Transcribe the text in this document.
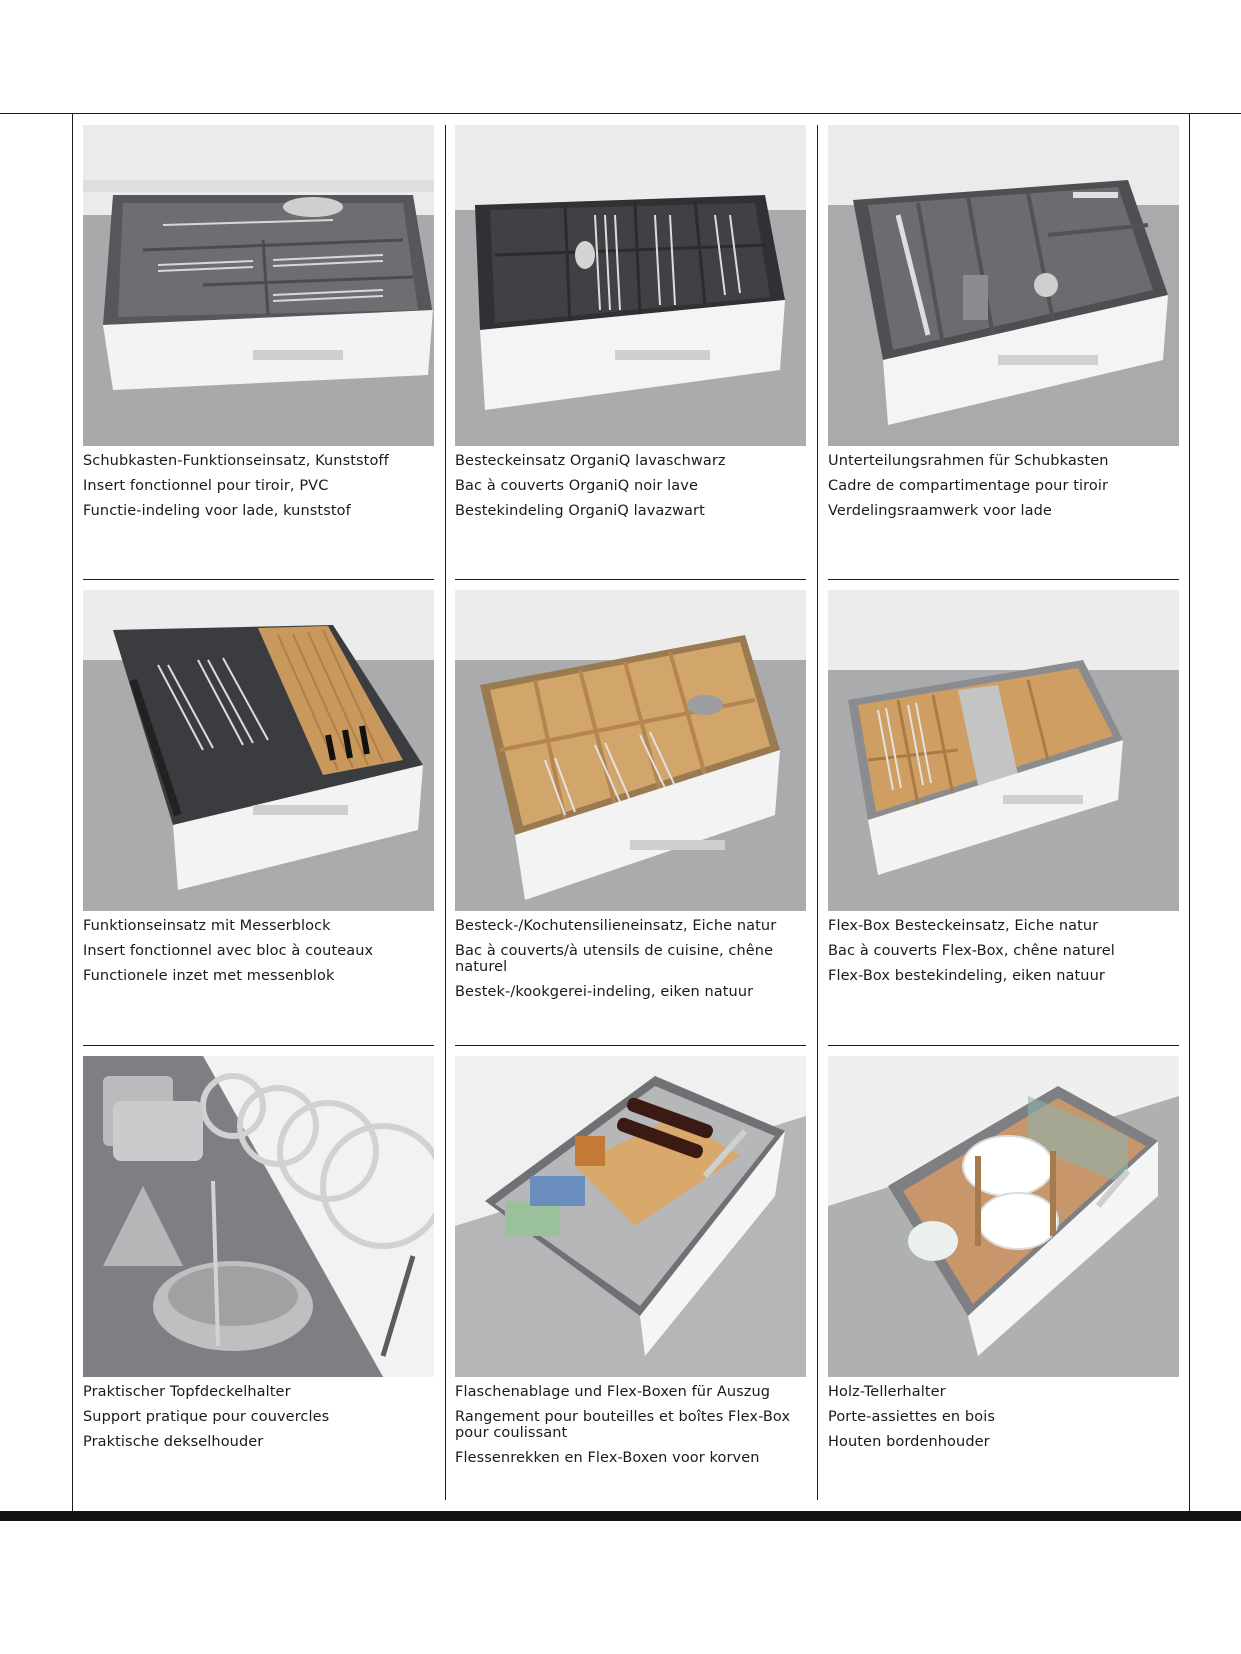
Schubkasten-Funktionseinsatz, Kunststoff

Insert fonctionnel pour tiroir, PVC

Functie-indeling voor lade, kunststof

Besteckeinsatz OrganiQ lavaschwarz

Bac à couverts OrganiQ noir lave

Bestekindeling OrganiQ lavazwart

Unterteilungsrahmen für Schubkasten

Cadre de compartimentage pour tiroir

Verdelingsraamwerk voor lade

Funktionseinsatz mit Messerblock

Insert fonctionnel avec bloc à couteaux

Functionele inzet met messenblok

Besteck-/Kochutensilieneinsatz, Eiche natur

Bac à couverts/à utensils de cuisine, chêne naturel

Bestek-/kookgerei-indeling, eiken natuur

Flex-Box Besteckeinsatz, Eiche natur

Bac à couverts Flex-Box, chêne naturel

Flex-Box bestekindeling, eiken natuur

Praktischer Topfdeckelhalter

Support pratique pour couvercles

Praktische dekselhouder

Flaschenablage und Flex-Boxen für Auszug

Rangement pour bouteilles et boîtes Flex-Box pour coulissant

Flessenrekken en Flex-Boxen voor korven

Holz-Tellerhalter

Porte-assiettes en bois

Houten bordenhouder
